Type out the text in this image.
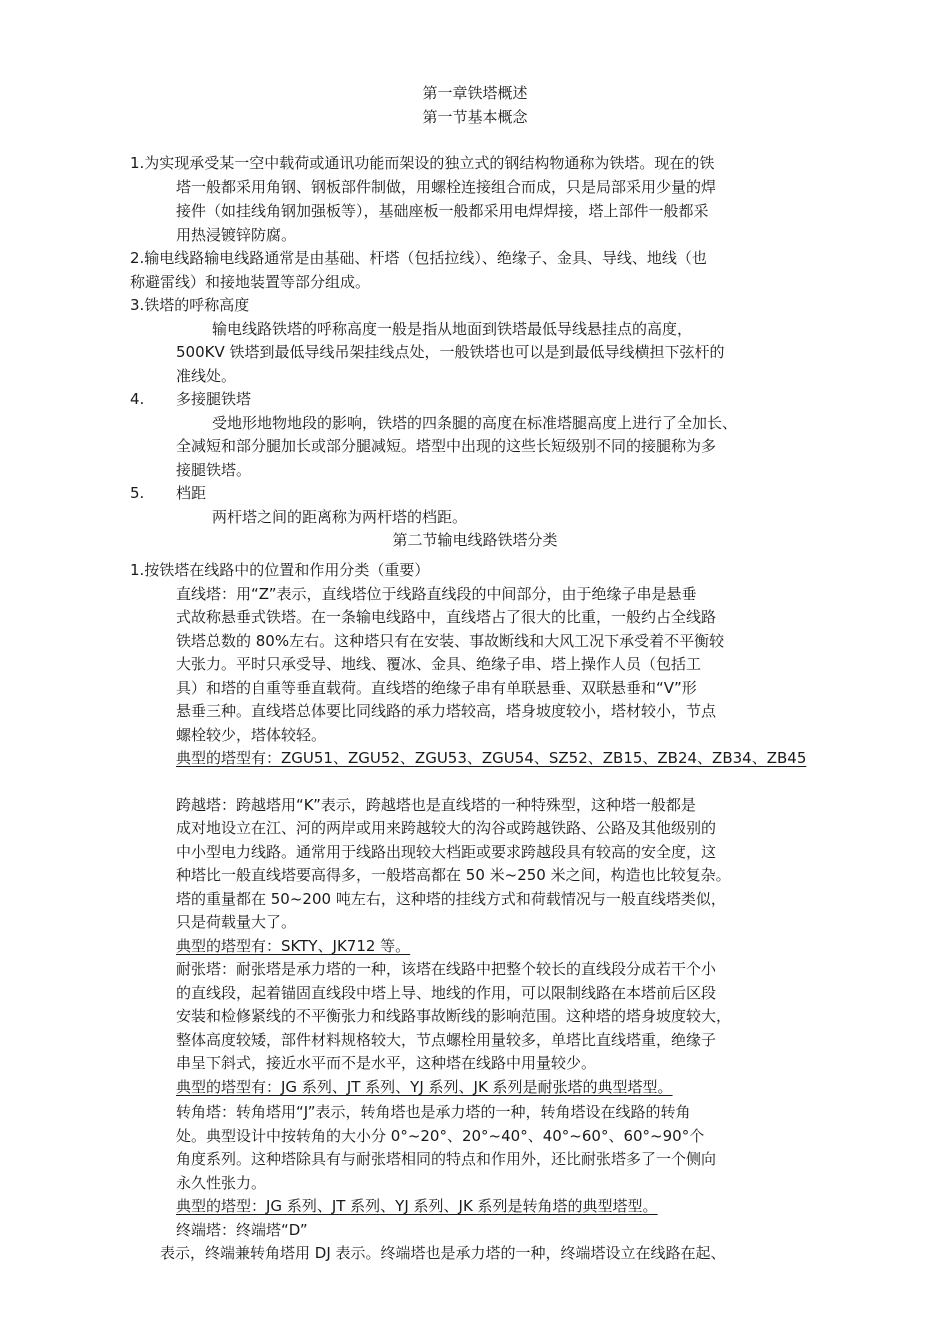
第一章铁塔概述
第一节基本概念
1.为实现承受某一空中载荷或通讯功能而架设的独立式的钢结构物通称为铁塔。现在的铁
塔一般都采用角钢、钢板部件制做，用螺栓连接组合而成，只是局部采用少量的焊
接件（如挂线角钢加强板等），基础座板一般都采用电焊焊接，塔上部件一般都采
用热浸镀锌防腐。
2.输电线路输电线路通常是由基础、杆塔（包括拉线）、绝缘子、金具、导线、地线（也
称避雷线）和接地装置等部分组成。
3.铁塔的呼称高度
输电线路铁塔的呼称高度一般是指从地面到铁塔最低导线悬挂点的高度，
500KV 铁塔到最低导线吊架挂线点处，一般铁塔也可以是到最低导线横担下弦杆的
准线处。
4. 多接腿铁塔
受地形地物地段的影响，铁塔的四条腿的高度在标准塔腿高度上进行了全加长、
全减短和部分腿加长或部分腿减短。塔型中出现的这些长短级别不同的接腿称为多
接腿铁塔。
5. 档距
两杆塔之间的距离称为两杆塔的档距。
第二节输电线路铁塔分类
1.按铁塔在线路中的位置和作用分类（重要）
直线塔：用“Z”表示，直线塔位于线路直线段的中间部分，由于绝缘子串是悬垂
式故称悬垂式铁塔。在一条输电线路中，直线塔占了很大的比重，一般约占全线路
铁塔总数的 80%左右。这种塔只有在安装、事故断线和大风工况下承受着不平衡较
大张力。平时只承受导、地线、覆冰、金具、绝缘子串、塔上操作人员（包括工
具）和塔的自重等垂直载荷。直线塔的绝缘子串有单联悬垂、双联悬垂和“V”形
悬垂三种。直线塔总体要比同线路的承力塔较高，塔身坡度较小，塔材较小，节点
螺栓较少，塔体较轻。
典型的塔型有：ZGU51、ZGU52、ZGU53、ZGU54、SZ52、ZB15、ZB24、ZB34、ZB45
跨越塔：跨越塔用“K”表示，跨越塔也是直线塔的一种特殊型，这种塔一般都是
成对地设立在江、河的两岸或用来跨越较大的沟谷或跨越铁路、公路及其他级别的
中小型电力线路。通常用于线路出现较大档距或要求跨越段具有较高的安全度，这
种塔比一般直线塔要高得多，一般塔高都在 50 米~250 米之间，构造也比较复杂。
塔的重量都在 50~200 吨左右，这种塔的挂线方式和荷载情况与一般直线塔类似，
只是荷载量大了。
典型的塔型有：SKTY、JK712 等。
耐张塔：耐张塔是承力塔的一种，该塔在线路中把整个较长的直线段分成若干个小
的直线段，起着锚固直线段中塔上导、地线的作用，可以限制线路在本塔前后区段
安装和检修紧线的不平衡张力和线路事故断线的影响范围。这种塔的塔身坡度较大，
整体高度较矮，部件材料规格较大，节点螺栓用量较多，单塔比直线塔重，绝缘子
串呈下斜式，接近水平而不是水平，这种塔在线路中用量较少。
典型的塔型有：JG 系列、JT 系列、YJ 系列、JK 系列是耐张塔的典型塔型。
转角塔：转角塔用“J”表示，转角塔也是承力塔的一种，转角塔设在线路的转角
处。典型设计中按转角的大小分 0°~20°、20°~40°、40°~60°、60°~90°个
角度系列。这种塔除具有与耐张塔相同的特点和作用外，还比耐张塔多了一个侧向
永久性张力。
典型的塔型：JG 系列、JT 系列、YJ 系列、JK 系列是转角塔的典型塔型。
终端塔：终端塔“D”
表示，终端兼转角塔用 DJ 表示。终端塔也是承力塔的一种，终端塔设立在线路在起、
